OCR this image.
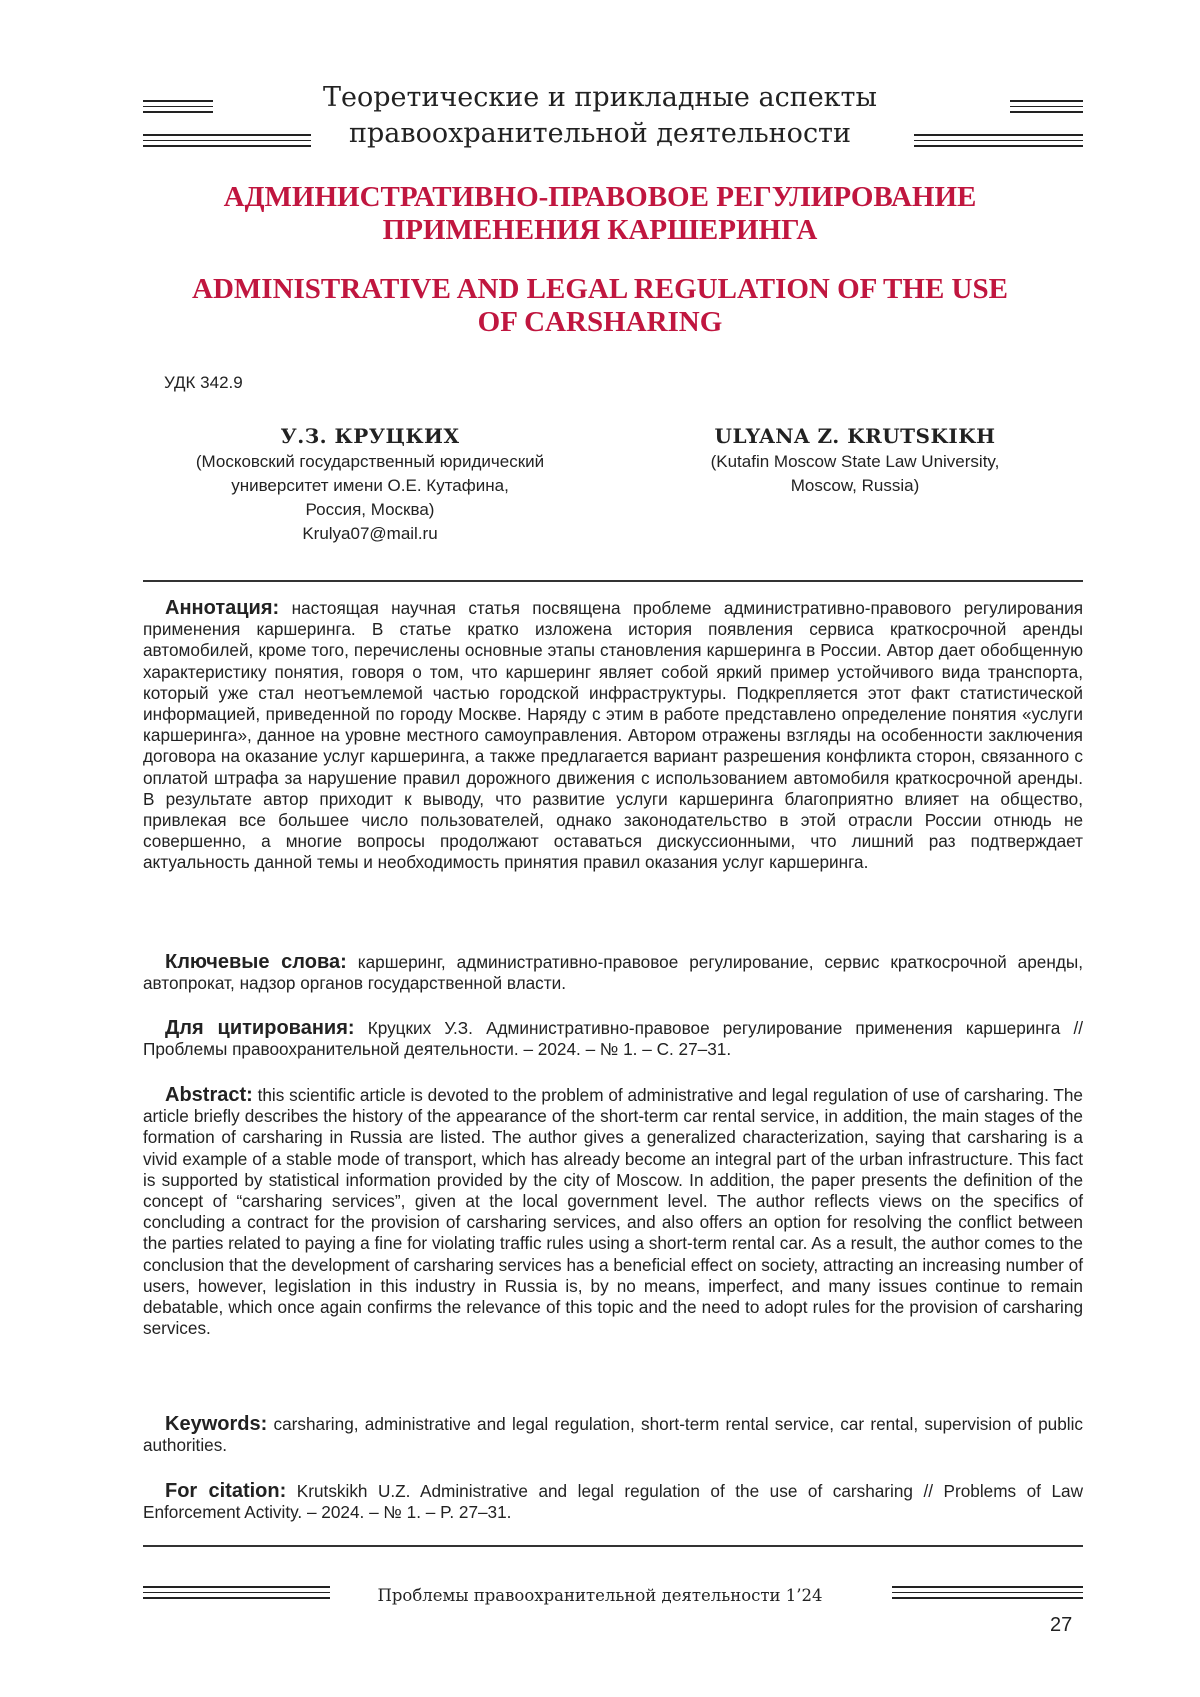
Теоретические и прикладные аспекты
правоохранительной деятельности
АДМИНИСТРАТИВНО-ПРАВОВОЕ РЕГУЛИРОВАНИЕ
ПРИМЕНЕНИЯ КАРШЕРИНГА
ADMINISTRATIVE AND LEGAL REGULATION OF THE USE
OF CARSHARING
УДК 342.9
У.З. КРУЦКИХ
(Московский государственный юридический
университет имени О.Е. Кутафина,
Россия, Москва)
Krulya07@mail.ru
ULYANA Z. KRUTSKIKH
(Kutafin Moscow State Law University,
Moscow, Russia)
Аннотация: настоящая научная статья посвящена проблеме административно-правового регулирования применения каршеринга. В статье кратко изложена история появления сервиса краткосрочной аренды автомобилей, кроме того, перечислены основные этапы становления каршеринга в России. Автор дает обобщенную характеристику понятия, говоря о том, что каршеринг являет собой яркий пример устойчивого вида транспорта, который уже стал неотъемлемой частью городской инфраструктуры. Подкрепляется этот факт статистической информацией, приведенной по городу Москве. Наряду с этим в работе представлено определение понятия «услуги каршеринга», данное на уровне местного самоуправления. Автором отражены взгляды на особенности заключения договора на оказание услуг каршеринга, а также предлагается вариант разрешения конфликта сторон, связанного с оплатой штрафа за нарушение правил дорожного движения с использованием автомобиля краткосрочной аренды. В результате автор приходит к выводу, что развитие услуги каршеринга благоприятно влияет на общество, привлекая все большее число пользователей, однако законодательство в этой отрасли России отнюдь не совершенно, а многие вопросы продолжают оставаться дискуссионными, что лишний раз подтверждает актуальность данной темы и необходимость принятия правил оказания услуг каршеринга.
Ключевые слова: каршеринг, административно-правовое регулирование, сервис краткосрочной аренды, автопрокат, надзор органов государственной власти.
Для цитирования: Круцких У.З. Административно-правовое регулирование применения каршеринга // Проблемы правоохранительной деятельности. – 2024. – № 1. – С. 27–31.
Abstract: this scientific article is devoted to the problem of administrative and legal regulation of use of carsharing. The article briefly describes the history of the appearance of the short-term car rental service, in addition, the main stages of the formation of carsharing in Russia are listed. The author gives a generalized characterization, saying that carsharing is a vivid example of a stable mode of transport, which has already become an integral part of the urban infrastructure. This fact is supported by statistical information provided by the city of Moscow. In addition, the paper presents the definition of the concept of “carsharing services”, given at the local government level. The author reflects views on the specifics of concluding a contract for the provision of carsharing services, and also offers an option for resolving the conflict between the parties related to paying a fine for violating traffic rules using a short-term rental car. As a result, the author comes to the conclusion that the development of carsharing services has a beneficial effect on society, attracting an increasing number of users, however, legislation in this industry in Russia is, by no means, imperfect, and many issues continue to remain debatable, which once again confirms the relevance of this topic and the need to adopt rules for the provision of carsharing services.
Keywords: carsharing, administrative and legal regulation, short-term rental service, car rental, supervision of public authorities.
For citation: Krutskikh U.Z. Administrative and legal regulation of the use of carsharing // Problems of Law Enforcement Activity. – 2024. – № 1. – P. 27–31.
Проблемы правоохранительной деятельности 1’24
27
